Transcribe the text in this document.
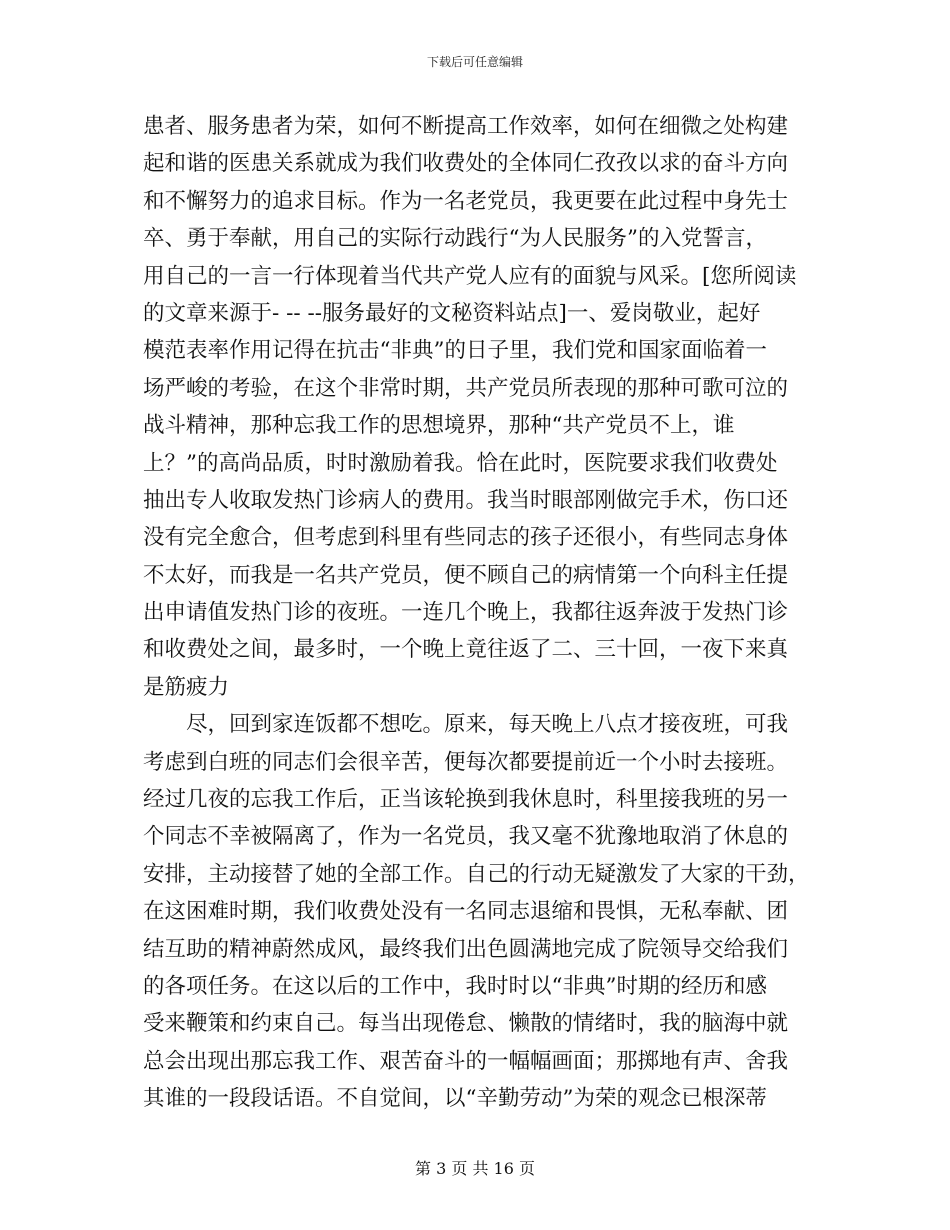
下载后可任意编辑
患者、服务患者为荣，如何不断提高工作效率，如何在细微之处构建
起和谐的医患关系就成为我们收费处的全体同仁孜孜以求的奋斗方向
和不懈努力的追求目标。作为一名老党员，我更要在此过程中身先士
卒、勇于奉献，用自己的实际行动践行“为人民服务”的入党誓言，
用自己的一言一行体现着当代共产党人应有的面貌与风采。[您所阅读
的文章来源于- -- --服务最好的文秘资料站点]一、爱岗敬业，起好
模范表率作用记得在抗击“非典”的日子里，我们党和国家面临着一
场严峻的考验，在这个非常时期，共产党员所表现的那种可歌可泣的
战斗精神，那种忘我工作的思想境界，那种“共产党员不上，谁
上？”的高尚品质，时时激励着我。恰在此时，医院要求我们收费处
抽出专人收取发热门诊病人的费用。我当时眼部刚做完手术，伤口还
没有完全愈合，但考虑到科里有些同志的孩子还很小，有些同志身体
不太好，而我是一名共产党员，便不顾自己的病情第一个向科主任提
出申请值发热门诊的夜班。一连几个晚上，我都往返奔波于发热门诊
和收费处之间，最多时，一个晚上竟往返了二、三十回，一夜下来真
是筋疲力
尽，回到家连饭都不想吃。原来，每天晚上八点才接夜班，可我
考虑到白班的同志们会很辛苦，便每次都要提前近一个小时去接班。
经过几夜的忘我工作后，正当该轮换到我休息时，科里接我班的另一
个同志不幸被隔离了，作为一名党员，我又毫不犹豫地取消了休息的
安排，主动接替了她的全部工作。自己的行动无疑激发了大家的干劲，
在这困难时期，我们收费处没有一名同志退缩和畏惧，无私奉献、团
结互助的精神蔚然成风，最终我们出色圆满地完成了院领导交给我们
的各项任务。在这以后的工作中，我时时以“非典”时期的经历和感
受来鞭策和约束自己。每当出现倦怠、懒散的情绪时，我的脑海中就
总会出现出那忘我工作、艰苦奋斗的一幅幅画面；那掷地有声、舍我
其谁的一段段话语。不自觉间，以“辛勤劳动”为荣的观念已根深蒂
第 3 页 共 16 页
